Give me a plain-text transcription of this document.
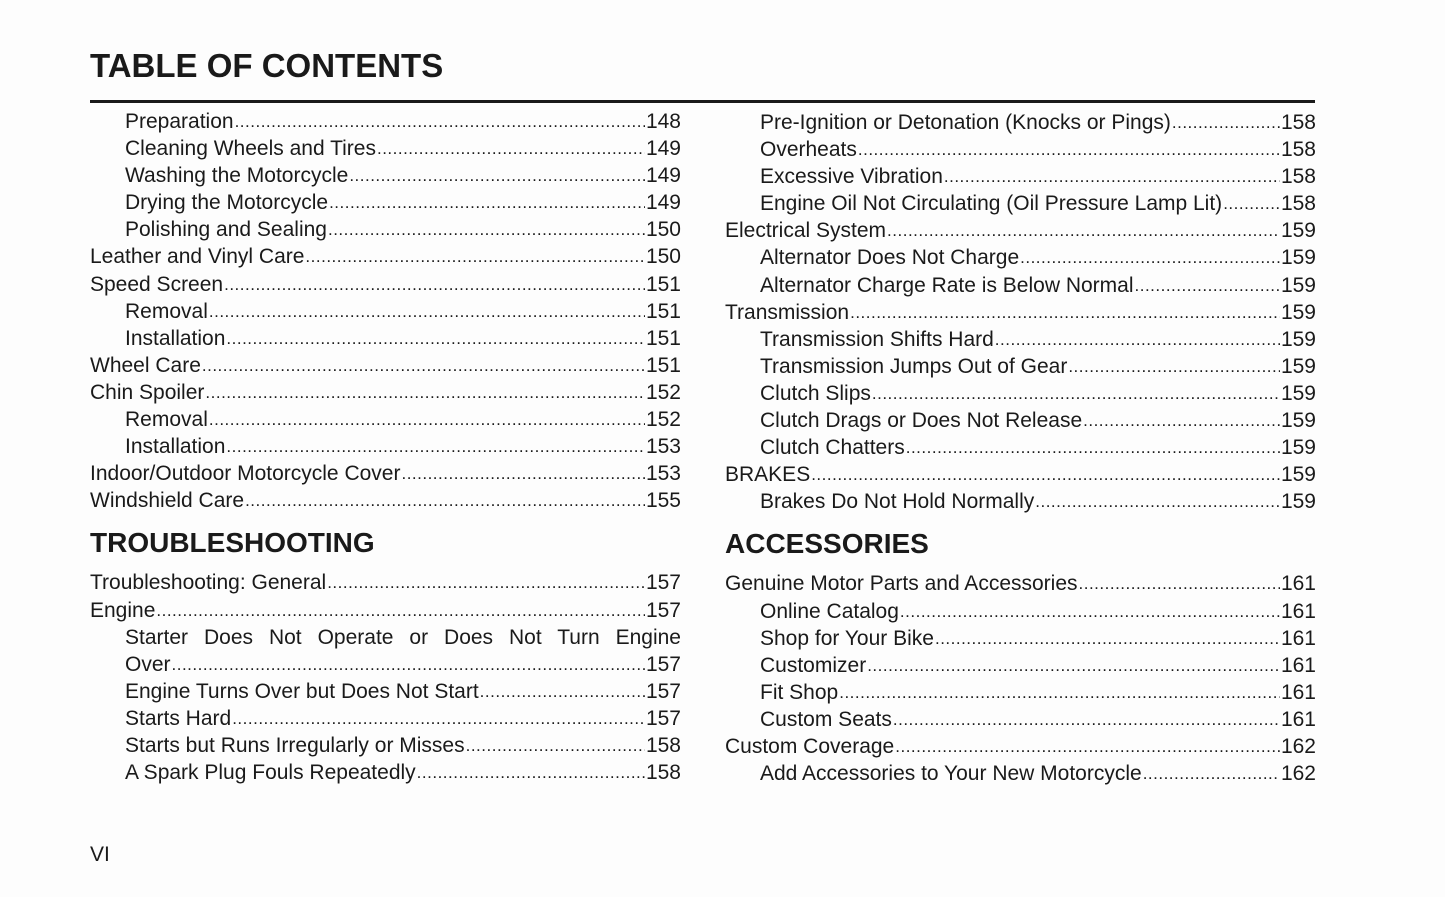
TABLE OF CONTENTS
Preparation .....	148
Cleaning Wheels and Tires .....	149
Washing the Motorcycle .....	149
Drying the Motorcycle .....	149
Polishing and Sealing .....	150
Leather and Vinyl Care .....	150
Speed Screen .....	151
Removal .....	151
Installation .....	151
Wheel Care .....	151
Chin Spoiler .....	152
Removal .....	152
Installation .....	153
Indoor/Outdoor Motorcycle Cover .....	153
Windshield Care .....	155
TROUBLESHOOTING
Troubleshooting: General .....	157
Engine .....	157
Starter Does Not Operate or Does Not Turn Engine
Over .....	157
Engine Turns Over but Does Not Start .....	157
Starts Hard .....	157
Starts but Runs Irregularly or Misses .....	158
A Spark Plug Fouls Repeatedly .....	158
Pre-Ignition or Detonation (Knocks or Pings) .....	158
Overheats .....	158
Excessive Vibration .....	158
Engine Oil Not Circulating (Oil Pressure Lamp Lit) .....	158
Electrical System .....	159
Alternator Does Not Charge .....	159
Alternator Charge Rate is Below Normal .....	159
Transmission .....	159
Transmission Shifts Hard .....	159
Transmission Jumps Out of Gear .....	159
Clutch Slips .....	159
Clutch Drags or Does Not Release .....	159
Clutch Chatters .....	159
BRAKES .....	159
Brakes Do Not Hold Normally .....	159
ACCESSORIES
Genuine Motor Parts and Accessories .....	161
Online Catalog .....	161
Shop for Your Bike .....	161
Customizer .....	161
Fit Shop .....	161
Custom Seats .....	161
Custom Coverage .....	162
Add Accessories to Your New Motorcycle .....	162
VI
